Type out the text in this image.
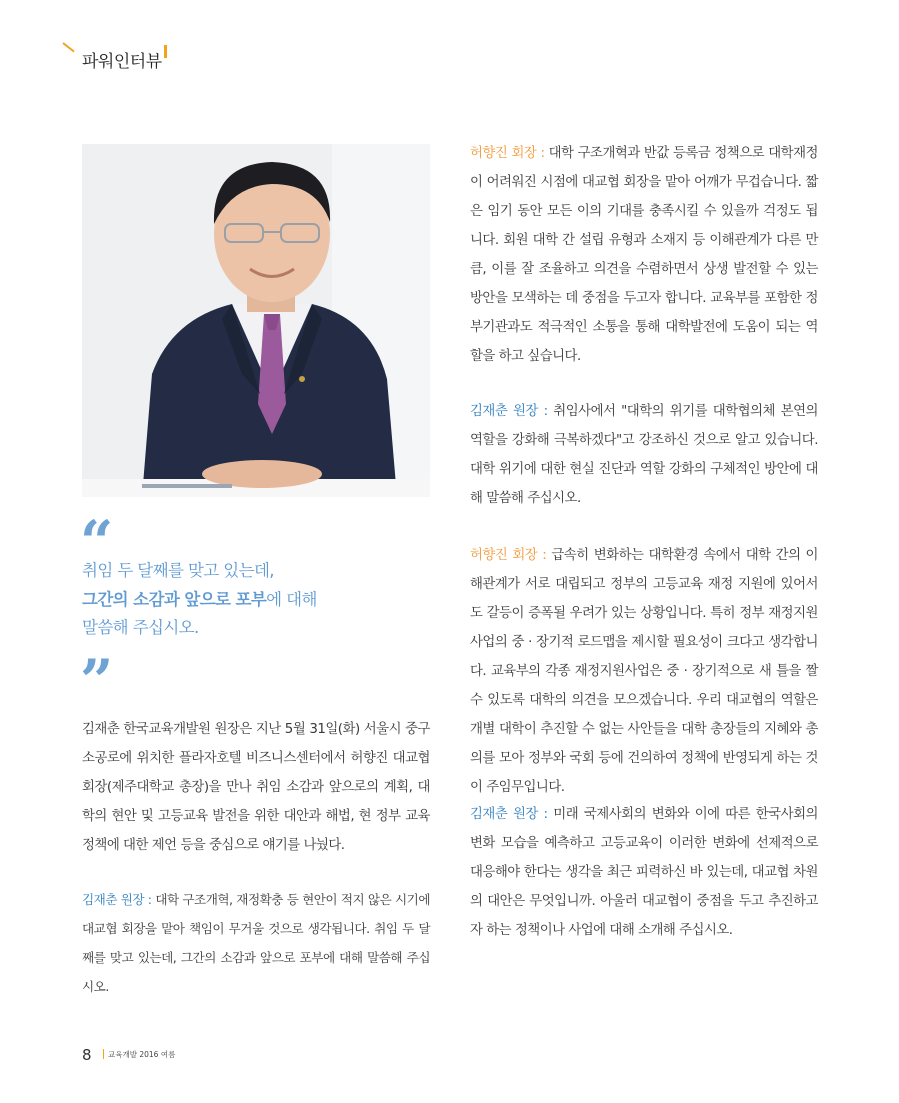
파워인터뷰
“
취임 두 달째를 맞고 있는데,
그간의 소감과 앞으로 포부에 대해
말씀해 주십시오.
”

김재춘 한국교육개발원 원장은 지난 5월 31일(화) 서울시 중구 소공로에 위치한 플라자호텔 비즈니스센터에서 허향진 대교협 회장(제주대학교 총장)을 만나 취임 소감과 앞으로의 계획, 대학의 현안 및 고등교육 발전을 위한 대안과 해법, 현 정부 교육정책에 대한 제언 등을 중심으로 얘기를 나눴다.

김재춘 원장 : 대학 구조개혁, 재정확충 등 현안이 적지 않은 시기에 대교협 회장을 맡아 책임이 무거울 것으로 생각됩니다. 취임 두 달째를 맞고 있는데, 그간의 소감과 앞으로 포부에 대해 말씀해 주십시오.

허향진 회장 : 대학 구조개혁과 반값 등록금 정책으로 대학재정이 어려워진 시점에 대교협 회장을 맡아 어깨가 무겁습니다. 짧은 임기 동안 모든 이의 기대를 충족시킬 수 있을까 걱정도 됩니다. 회원 대학 간 설립 유형과 소재지 등 이해관계가 다른 만큼, 이를 잘 조율하고 의견을 수렴하면서 상생 발전할 수 있는 방안을 모색하는 데 중점을 두고자 합니다. 교육부를 포함한 정부기관과도 적극적인 소통을 통해 대학발전에 도움이 되는 역할을 하고 싶습니다.

김재춘 원장 : 취임사에서 "대학의 위기를 대학협의체 본연의 역할을 강화해 극복하겠다"고 강조하신 것으로 알고 있습니다. 대학 위기에 대한 현실 진단과 역할 강화의 구체적인 방안에 대해 말씀해 주십시오.

허향진 회장 : 급속히 변화하는 대학환경 속에서 대학 간의 이해관계가 서로 대립되고 정부의 고등교육 재정 지원에 있어서도 갈등이 증폭될 우려가 있는 상황입니다. 특히 정부 재정지원사업의 중 · 장기적 로드맵을 제시할 필요성이 크다고 생각합니다. 교육부의 각종 재정지원사업은 중 · 장기적으로 새 틀을 짤 수 있도록 대학의 의견을 모으겠습니다. 우리 대교협의 역할은 개별 대학이 추진할 수 없는 사안들을 대학 총장들의 지혜와 총의를 모아 정부와 국회 등에 건의하여 정책에 반영되게 하는 것이 주임무입니다.

김재춘 원장 : 미래 국제사회의 변화와 이에 따른 한국사회의 변화 모습을 예측하고 고등교육이 이러한 변화에 선제적으로 대응해야 한다는 생각을 최근 피력하신 바 있는데, 대교협 차원의 대안은 무엇입니까. 아울러 대교협이 중점을 두고 추진하고자 하는 정책이나 사업에 대해 소개해 주십시오.

8 교육개발 2016 여름
